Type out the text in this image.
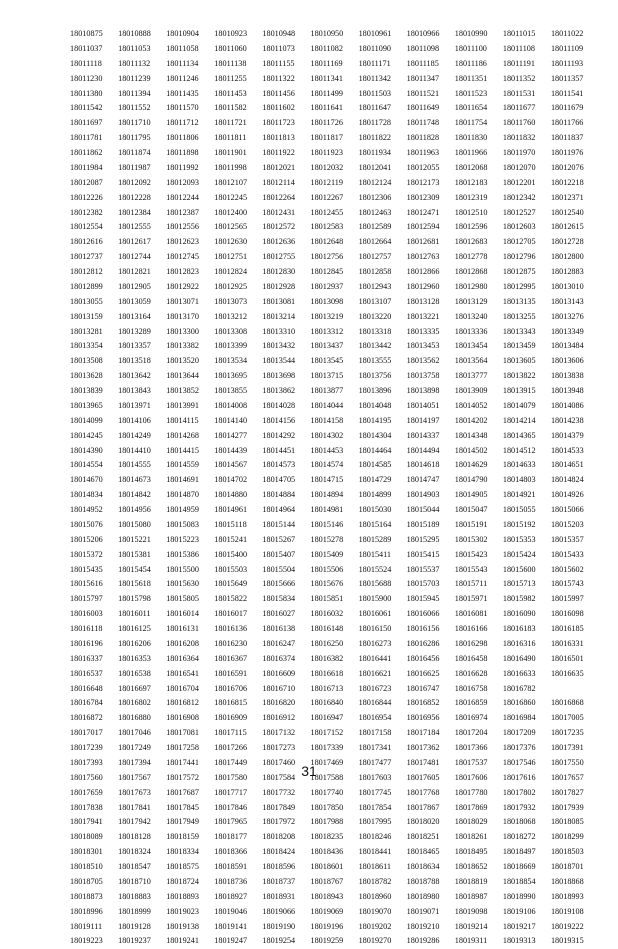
18010875	18010888	18010904	18010923	18010948	18010950	18010961	18010966	18010990	18011015	18011022
18011037	18011053	18011058	18011060	18011073	18011082	18011090	18011098	18011100	18011108	18011109
18011118	18011132	18011134	18011138	18011155	18011169	18011171	18011185	18011186	18011191	18011193
18011230	18011239	18011246	18011255	18011322	18011341	18011342	18011347	18011351	18011352	18011357
18011380	18011394	18011435	18011453	18011456	18011499	18011503	18011521	18011523	18011531	18011541
18011542	18011552	18011570	18011582	18011602	18011641	18011647	18011649	18011654	18011677	18011679
18011697	18011710	18011712	18011721	18011723	18011726	18011728	18011748	18011754	18011760	18011766
18011781	18011795	18011806	18011811	18011813	18011817	18011822	18011828	18011830	18011832	18011837
18011862	18011874	18011898	18011901	18011922	18011923	18011934	18011963	18011966	18011970	18011976
18011984	18011987	18011992	18011998	18012021	18012032	18012041	18012055	18012068	18012070	18012076
18012087	18012092	18012093	18012107	18012114	18012119	18012124	18012173	18012183	18012201	18012218
18012226	18012228	18012244	18012245	18012264	18012267	18012306	18012309	18012319	18012342	18012371
18012382	18012384	18012387	18012400	18012431	18012455	18012463	18012471	18012510	18012527	18012540
18012554	18012555	18012556	18012565	18012572	18012583	18012589	18012594	18012596	18012603	18012615
18012616	18012617	18012623	18012630	18012636	18012648	18012664	18012681	18012683	18012705	18012728
18012737	18012744	18012745	18012751	18012755	18012756	18012757	18012763	18012778	18012796	18012800
18012812	18012821	18012823	18012824	18012830	18012845	18012858	18012866	18012868	18012875	18012883
18012899	18012905	18012922	18012925	18012928	18012937	18012943	18012960	18012980	18012995	18013010
18013055	18013059	18013071	18013073	18013081	18013098	18013107	18013128	18013129	18013135	18013143
18013159	18013164	18013170	18013212	18013214	18013219	18013220	18013221	18013240	18013255	18013276
18013281	18013289	18013300	18013308	18013310	18013312	18013318	18013335	18013336	18013343	18013349
18013354	18013357	18013382	18013399	18013432	18013437	18013442	18013453	18013454	18013459	18013484
18013508	18013518	18013520	18013534	18013544	18013545	18013555	18013562	18013564	18013605	18013606
18013628	18013642	18013644	18013695	18013698	18013715	18013756	18013758	18013777	18013822	18013838
18013839	18013843	18013852	18013855	18013862	18013877	18013896	18013898	18013909	18013915	18013948
18013965	18013971	18013991	18014008	18014028	18014044	18014048	18014051	18014052	18014079	18014086
18014099	18014106	18014115	18014140	18014156	18014158	18014195	18014197	18014202	18014214	18014238
18014245	18014249	18014268	18014277	18014292	18014302	18014304	18014337	18014348	18014365	18014379
18014390	18014410	18014415	18014439	18014451	18014453	18014464	18014494	18014502	18014512	18014533
18014554	18014555	18014559	18014567	18014573	18014574	18014585	18014618	18014629	18014633	18014651
18014670	18014673	18014691	18014702	18014705	18014715	18014729	18014747	18014790	18014803	18014824
18014834	18014842	18014870	18014880	18014884	18014894	18014899	18014903	18014905	18014921	18014926
18014952	18014956	18014959	18014961	18014964	18014981	18015030	18015044	18015047	18015055	18015066
18015076	18015080	18015083	18015118	18015144	18015146	18015164	18015189	18015191	18015192	18015203
18015206	18015221	18015223	18015241	18015267	18015278	18015289	18015295	18015302	18015353	18015357
18015372	18015381	18015386	18015400	18015407	18015409	18015411	18015415	18015423	18015424	18015433
18015435	18015454	18015500	18015503	18015504	18015506	18015524	18015537	18015543	18015600	18015602
18015616	18015618	18015630	18015649	18015666	18015676	18015688	18015703	18015711	18015713	18015743
18015797	18015798	18015805	18015822	18015834	18015851	18015900	18015945	18015971	18015982	18015997
18016003	18016011	18016014	18016017	18016027	18016032	18016061	18016066	18016081	18016090	18016098
18016118	18016125	18016131	18016136	18016138	18016148	18016150	18016156	18016166	18016183	18016185
18016196	18016206	18016208	18016230	18016247	18016250	18016273	18016286	18016298	18016316	18016331
18016337	18016353	18016364	18016367	18016374	18016382	18016441	18016456	18016458	18016490	18016501
18016537	18016538	18016541	18016591	18016609	18016618	18016621	18016625	18016628	18016633	18016635
18016648	18016697	18016704	18016706	18016710	18016713	18016723	18016747	18016758	18016782	
18016784	18016802	18016812	18016815	18016820	18016840	18016844	18016852	18016859	18016860	18016868
18016872	18016880	18016908	18016909	18016912	18016947	18016954	18016956	18016974	18016984	18017005
18017017	18017046	18017081	18017115	18017132	18017152	18017158	18017184	18017204	18017209	18017235
18017239	18017249	18017258	18017266	18017273	18017339	18017341	18017362	18017366	18017376	18017391
18017393	18017394	18017441	18017449	18017460	18017469	18017477	18017481	18017537	18017546	18017550
18017560	18017567	18017572	18017580	18017584	18017588	18017603	18017605	18017606	18017616	18017657
18017659	18017673	18017687	18017717	18017732	18017740	18017745	18017768	18017780	18017802	18017827
18017838	18017841	18017845	18017846	18017849	18017850	18017854	18017867	18017869	18017932	18017939
18017941	18017942	18017949	18017965	18017972	18017988	18017995	18018020	18018029	18018068	18018085
18018089	18018128	18018159	18018177	18018208	18018235	18018246	18018251	18018261	18018272	18018299
18018301	18018324	18018334	18018366	18018424	18018436	18018441	18018465	18018495	18018497	18018503
18018510	18018547	18018575	18018591	18018596	18018601	18018611	18018634	18018652	18018669	18018701
18018705	18018710	18018724	18018736	18018737	18018767	18018782	18018788	18018819	18018854	18018868
18018873	18018883	18018893	18018927	18018931	18018943	18018960	18018980	18018987	18018990	18018993
18018996	18018999	18019023	18019046	18019066	18019069	18019070	18019071	18019098	18019106	18019108
18019111	18019128	18019138	18019141	18019190	18019196	18019202	18019210	18019214	18019217	18019222
18019223	18019237	18019241	18019247	18019254	18019259	18019270	18019286	18019311	18019313	18019315
31
